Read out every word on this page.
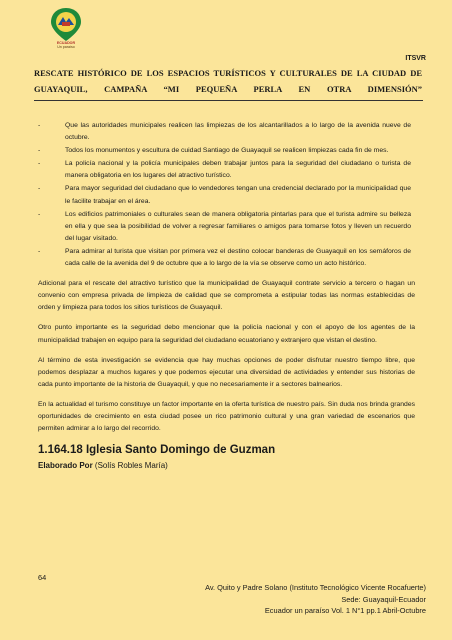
ECUADOR
Un paraíso
ITSVR
RESCATE HISTÓRICO DE LOS ESPACIOS TURÍSTICOS Y CULTURALES DE LA CIUDAD DE GUAYAQUIL, CAMPAÑA “MI PEQUEÑA PERLA EN OTRA DIMENSIÓN”
-	Que las autoridades municipales realicen las limpiezas de los alcantarillados a lo largo de la avenida nueve de octubre.
-	Todos los monumentos y escultura de cuidad Santiago de Guayaquil se realicen limpiezas cada fin de mes.
-	La policía nacional y la policía municipales deben trabajar juntos para la seguridad del ciudadano o turista de manera obligatoria en los lugares del atractivo turístico.
-	Para mayor seguridad del ciudadano que lo vendedores tengan una credencial declarado por la municipalidad que le facilite trabajar en el área.
-	Los edificios patrimoniales o culturales sean de manera obligatoria pintarlas para que el turista admire su belleza en ella y que sea la posibilidad de volver a regresar familiares o amigos para tomarse fotos y lleven un recuerdo del lugar visitado.
-	Para admirar al turista que visitan por primera vez el destino colocar banderas de Guayaquil en los semáforos de cada calle de la avenida del 9 de octubre que a lo largo de la vía se observe como un acto histórico.

Adicional para el rescate del atractivo turístico que la municipalidad de Guayaquil contrate servicio a tercero o hagan un convenio con empresa privada de limpieza de calidad que se comprometa a estipular todas las normas establecidas de orden y limpieza para todos los sitios turísticos de Guayaquil.

Otro punto importante es la seguridad debo mencionar que la policía nacional y con el apoyo de los agentes de la municipalidad trabajen en equipo para la seguridad del ciudadano ecuatoriano y extranjero que vistan el destino.

Al término de esta investigación se evidencia que hay muchas opciones de poder disfrutar nuestro tiempo libre, que podemos desplazar a muchos lugares y que podemos ejecutar una diversidad de actividades y entender sus historias de cada punto importante de la historia de Guayaquil, y que no necesariamente ir a sectores balnearios.

En la actualidad el turismo constituye un factor importante en la oferta turística de nuestro país. Sin duda nos brinda grandes oportunidades de crecimiento en esta ciudad posee un rico patrimonio cultural y una gran variedad de escenarios que permiten admirar a lo largo del recorrido.

1.164.18 Iglesia Santo Domingo de Guzman
Elaborado Por (Solís Robles María)
64
Av. Quito y Padre Solano (Instituto Tecnológico Vicente Rocafuerte)
Sede: Guayaquil-Ecuador
Ecuador un paraíso Vol. 1 N°1 pp.1 Abril-Octubre
